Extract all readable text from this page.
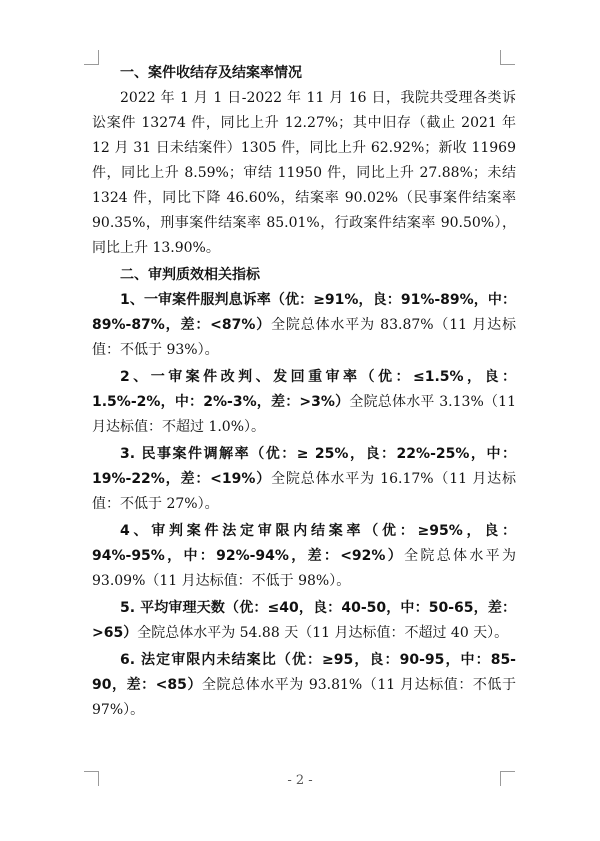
一、案件收结存及结案率情况

2022 年 1 月 1 日-2022 年 11 月 16 日，我院共受理各类诉讼案件 13274 件，同比上升 12.27%；其中旧存（截止 2021 年 12 月 31 日未结案件）1305 件，同比上升 62.92%；新收 11969 件，同比上升 8.59%；审结 11950 件，同比上升 27.88%；未结 1324 件，同比下降 46.60%，结案率 90.02%（民事案件结案率 90.35%，刑事案件结案率 85.01%，行政案件结案率 90.50%），同比上升 13.90%。

二、审判质效相关指标

1、一审案件服判息诉率（优：≥91%，良：91%-89%，中：89%-87%，差：<87%）全院总体水平为 83.87%（11 月达标值：不低于 93%）。

2、一审案件改判、发回重审率（优：≤1.5%，良：1.5%-2%，中：2%-3%，差：>3%）全院总体水平 3.13%（11 月达标值：不超过 1.0%）。

3. 民事案件调解率（优：≥ 25%，良：22%-25%，中：19%-22%，差：<19%）全院总体水平为 16.17%（11 月达标值：不低于 27%）。

4、审判案件法定审限内结案率（优：≥95%，良：94%-95%，中：92%-94%，差：<92%）全院总体水平为 93.09%（11 月达标值：不低于 98%）。

5. 平均审理天数（优：≤40，良：40-50，中：50-65，差：>65）全院总体水平为 54.88 天（11 月达标值：不超过 40 天）。

6. 法定审限内未结案比（优：≥95，良：90-95，中：85-90，差：<85）全院总体水平为 93.81%（11 月达标值：不低于 97%）。

- 2 -
